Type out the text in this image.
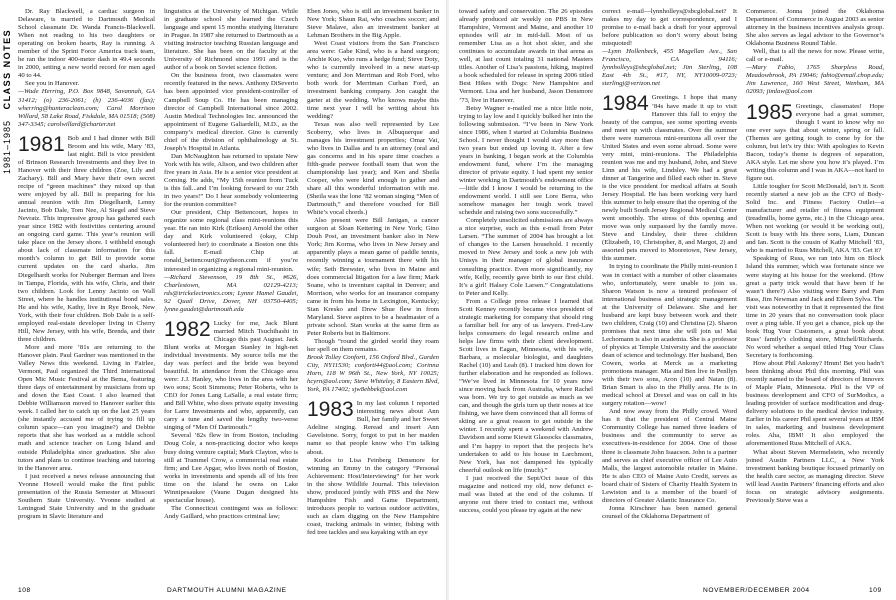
1981–1985   CLASS NOTES

Dr. Ray Blackwell, a cardiac surgeon in Delaware, is married to Dartmouth Medical School classmate Dr. Wanda Francis-Blackwell. When not reading to his two daughters or operating on broken hearts, Ray is running. A member of the Sprint Force America track team, he ran the indoor 400-meter dash in 49.4 seconds in 2000, setting a new world record for men aged 40 to 44.

See you in Hanover.

—Wade Herring, P.O. Box 9848, Savannah, GA 31412; (o) 236-2061; (h) 236-4036 (fax); wherring@hunteraclean.com; Carol Morrison Willard, 58 Lake Road, Fiskdale, MA 01518; (508) 347-3345; carolwillard@charter.net

1981 Bob and I had dinner with Bill Broom and his wife, Mary ’83, last night. Bill is vice president of Brinson Research Investments and they live in Hanover with their three children (Zoe, Lily and Zachary). Bill and Mary have their own secret recipe of “green machines” they mixed up that were enjoyed by all. Bill is preparing for his annual reunion with Jim Diegelhardt, Lenny Jacinto, Bob Dale, Tom Nee, Al Siegel and Steve Nevratz. This impressive group has gathered each year since 1982 with festivities centering around an ongoing card game. This year’s reunion will take place on the Jersey shore. I withheld enough about lack of classmate information for this month’s column to get Bill to provide some current updates on the card sharks. Jim Diegelhardt works for Nuberger Berman and lives in Tampa, Florida, with his wife, Chris, and their two children. Look for Lenny Jacinto on Wall Street, where he handles institutional bond sales. He and his wife, Kathy, live in Rye Brook, New York, with their four children. Bob Dale is a self-employed real-estate developer living in Cherry Hill, New Jersey, with his wife, Brenda, and their three children.

More and more ’81s are returning to the Hanover plain. Paul Gardner was mentioned in the Valley News this weekend. Living in Fairlee, Vermont, Paul organized the Third International Open Mic Music Festival at the Bema, featuring three days of entertainment by musicians from up and down the East Coast. I also learned that Debbie Williamson moved to Hanover earlier this week. I called her to catch up on the last 25 years (she instantly accused me of trying to fill up column space—can you imagine?) and Debbie reports that she has worked as a middle school math and science teacher on Long Island and outside Philadelphia since graduation. She also tutors and plans to continue teaching and tutoring in the Hanover area.

I just received a news release announcing that Yvonne Howell would make the first public presentation of the Russia Semester at Missouri Southern State University. Yvonne studied at Leningrad State University and in the graduate program in Slavic literature and

linguistics at the University of Michigan. While in graduate school she learned the Czech language and spent 15 months studying literature in Prague. In 1987 she returned to Dartmouth as a visiting instructor teaching Russian language and literature. She has been on the faculty at the University of Richmond since 1991 and is the author of a book on Soviet science fiction.

On the business front, two classmates were recently featured in the news. Anthony DiSeverio has been appointed vice president-controller of Campbell Soup Co. He has been managing director of Campbell International since 2002. Austin Medical Technologies Inc. announced the appointment of Eugene Galiardelli, M.D., as the company’s medical director. Gino is currently chief of the division of ophthalmology at St. Joseph’s Hospital in Atlanta.

Dan McNaughton has returned to upstate New York with his wife, Alison, and two children after five years in Asia. He is a senior vice president at Corning. He adds, “My 15th reunion from Tuck is this fall...and I’m looking forward to our 25th in two years!” Do I hear somebody volunteering for the reunion committee?

Our president, Chip Bettencourt, hopes to organize some regional class mini-reunions this year. He ran into Kirk (Eriksen) Arnold the other day and Kirk volunteered (okay, Chip volunteered her) to coordinate a Boston one this fall. E-mail Chip at ronald_bettencourt@raytheon.com if you’re interested in organizing a regional mini-reunion.

—Richard Stevenson, 19 8th St., #626, Charlestown, MA 02129-4213; rds@trickelectronics.com; Lynne Hamel Gaudet, 92 Quail Drive, Dover, NH 03750-4405; lynne.gaudet@dartmouth.edu

1982 Lucky for me, Jack Blunt married Mitch Tsuchihashi in Chicago this past August. Jack Blunt works at Morgan Stanley in high-net individual investments. My source tells me the day was perfect and the bride was beyond beautiful. In attendance from the Chicago area were: J.J. Hanley, who lives in the area with her two sons; Scott Simmons; Peter Roberts, who is CEO for Jones Lang LaSalle, a real estate firm; and Bill White, who does private equity investing for Larre Investments and who, apparently, can carry a tune and saved the lengthy two-verse singing of “Men Of Dartmouth.”

Several ’82s flew in from Boston, including Doug Cole, a non-practicing doctor who keeps busy doing venture capital; Mark Clayton, who is still at Trammel Crow, a commercial real estate firm; and Lee Apgar, who lives north of Boston, works in investments and spends all of his free time on the island he owns on Lake Winnipesaukee (Vaune Dugan designed his spectacular house).

The Connecticut contingent was as follows: Andy Gaillard, who practices criminal law;

Eben Jones, who is still an investment banker in New York; Shaun Rai, who coaches soccer; and Steve Malave, also an investment banker at Lehman Brothers in the Big Apple.

West Coast visitors from the San Francisco area were: Gabe Kind, who is a hand surgeon; Anchie Kuo, who runs a hedge fund; Steve Doty, who is currently involved in a new start-up venture; and Jon Merriman and Rob Ford, who both work for Merriman Curhan Ford, an investment banking company. Jon caught the garter at the wedding. Who knows maybe this time next year I will be writing about his wedding?

Texas was also well represented by Lee Scoberry, who lives in Albuquerque and manages his investment properties; Omar Vai, who lives in Dallas and is an attorney (oral and gas concerns and in his spare time coaches a fifth-grade peewee football team that won the championship last year); and Ken and Sheila Cooper, who were kind enough to gather and share all this wonderful information with me. (Sheila was the lone ’82 woman singing “Men of Dartmouth,” and therefore vouched for Bill White’s vocal chords.)

Also present were Bill Janigan, a cancer surgeon at Sloan Kettering in New York; Gino Douh Post, an investment banker also in New York; Jim Korma, who lives in New Jersey and apparently plays a mean game of paddle tennis, recently winning a tournament there with his wife; Seth Brewster, who lives in Maine and does commercial litigation for a law firm; Mark Soane, who is inventure capital in Denver; and Morrison, who works for an insurance company came in from his home in Lexington, Kentucky; Stan Kresko and Drew Shue flew in from Maryland. Steve aspires to be a headmaster of a private school. Stan works at the same firm as Peter Roberts but in Baltimore.

Though “round the girded world they roam her spell on them remains.

Brook Tolley Conforti, 156 Oxford Blvd., Garden City, NY11530; conforti44@aol.com; Corinna Horn, 118 W 96th St., New York, NY 10025; hcyrn@aol.com; Steve Whiteley, 8 Eastern Blvd, York, PA 17402; sjw8ebbek@aol.com

1983 In my last column I reported interesting news about Ann Bull, her family and her Sweet Adeline singing. Reread and insert Ann Gavelstone. Sorry, forgot to put in her maiden name so that people know who I’m talking about.

Kudos to Lisa Feinberg Densmore for winning an Emmy in the category “Personal Achievement: Host/Interviewing” for her work in the show Wildlife Journal. This television show, produced jointly with PBS and the New Hampshire Fish and Game Department, introduces people to various outdoor activities, such as clam digging on the New Hampshire coast, tracking animals in winter, fishing with fed tree tackles and sea kayaking with an eye

108	DARTMOUTH ALUMNI MAGAZINE

toward safety and conservation. The 26 episodes already produced air weekly on PBS in New Hampshire, Vermont and Maine, and another 10 episodes will air in mid-fall. Most of us remember Lisa as a hot shot skier, and she continues to accumulate awards in that arena as well, at last count totaling 31 national Masters titles. Another of Lisa’s passions, hiking, inspired a book scheduled for release in spring 2006 titled Best Hikes with Dogs: New Hampshire and Vermont. Lisa and her husband, Jason Densmore ’73, live in Hanover.

Betsy Wagner e-mailed me a nice little note, trying to lay low and I quickly bulked her into the following submission. “I’ve been in New York since 1986, when I started at Columbia Business School. I never thought I would stay more than two years but ended up loving it. After a few years in banking, I began work at the Columbia endowment fund, where I’m the managing director of private equity. I had spent my senior winter working in Dartmouth’s endowment office—little did I know I would be returning to the endowment world. I still see Lore Berra, who somehow manages her tough work travel schedule and raising two sons successfully.”

Completely unsolicited submissions are always a nice surprise, such as this e-mail from Peter Larsen. “The summer of 2004 has brought a lot of changes to the Larsen household. I recently moved to New Jersey and took a new job with Unisys in their manager of global insurance consulting practice. Even more significantly, my wife, Kelly, recently gave birth to our first child. It’s a girl! Halsey Cole Larsen.” Congratulations to Peter and Kelly.

From a College press release I learned that Scott Kenney recently became vice president of strategic marketing for company that should ring a familiar bell for any of us lawyers. Fred-Law helps consumers do legal research online and helps law firms with their client development. Scott lives in Eagan, Minnesota, with his wife, Barbara, a molecular biologist, and daughters Rachel (10) and Leah (8). I tracked him down for further elaboration and he responded as follows. “We’ve lived in Minnesota for 10 years now since moving back from Australia, where Rachel was born. We try to get outside as much as we can, and though the girls turn up their noses at ice fishing, we have them convinced that all forms of skiing are a great reason to get outside in the winter. I recently spent a weekend with Andrew Davidson and some Kiewit Glassocks classmates, and I’m happy to report that the projects he’s undertaken to add to his house in Larchmont, New York, has not dampened his typically cheerful outlook on life (much).”

I just received the Sept/Oct issue of this magazine and noticed my old, now defunct e-mail was listed at the end of the column. If anyone out there tried to contact me, without success, could you please try again at the new

correct e-mail—lynnholleys@sbcglobal.net? It makes my day to get correspondence, and I promise to e-mail back a draft for your approval before publication so don’t worry about being misquoted!

—Lynn Hollenbeck, 455 Magellan Ave., San Francisco, CA 94116; lynnholleys@sbcglobal.net; Jim Sterling, 108 East 4th St., #17, NY, NY10009-0723; sterlingj@verizon.net

1984 Greetings. I hope that many ’84s have made it up to visit Hanover this fall to enjoy the beauty of the campus, see some sporting events and meet up with classmates. Over the summer there were numerous mini-reunions all over the United States and even some abroad. Some were very mini, mini-reunions. The Philadelphia reunion was me and my husband, John, and Steve Linn and his wife, Lindsley. We had a great dinner at Tangerine and filled each other in. Steve is the vice president for medical affairs at South Jersey Hospital. He has been working very hard this summer to help ensure that the opening of the newly built South Jersey Regional Medical Center went smoothly. The stress of this opening and move was only surpassed by the family move. Steve and Lindsley, their three children (Elizabeth, 10, Christopher, 8, and Margot, 2) and assorted pets moved to Mooretown, New Jersey, this summer.

In trying to coordinate the Philly mini-reunion I was in contact with a number of other classmates who, unfortunately, were unable to join us. Sharon Watson is now a tenured professor of international business and strategic management at the University of Delaware. She and her husband are kept busy between work and their two children, Craig (10) and Christina (2). Sharon promises that next time she will join us! Mai Lechomann is also in academia. She is a professor of physics at Temple University and the associate dean of science and technology. Her husband, Ben Cowen, works at Merck as a marketing promotions manager. Mia and Ben live in Penllyn with their two sons, Aron (10) and Natan (8). Brian Smart is also in the Philly area. He is in medical school at Drexel and was on call in his surgery rotation—wow!

And now away from the Philly crowd. Word has it that the president of Central Maine Community College has named three leaders of business and the community to serve as executives-in-residence for 2004. One of those three is classmate John Isaacson. John is a partner and serves as chief executive officer of Lee Auto Malls, the largest automobile retailer in Maine. He is also CEO of Maine Auto Credit, serves as board chair of Sisters of Charity Health System in Lewiston and is a member of the board of directors of Greater Atlantic Insurance Co.

Jonna Kirschner has been named general counsel of the Oklahoma Department of

Commerce. Jonna joined the Oklahoma Department of Commerce in August 2003 as senior attorney in the business incentives analysis group. She also serves as legal advisor to the Governor’s Oklahoma Business Round Table.

Well, that is all the news for now. Please write, call or e-mail.

—Mary Fabio, 1765 Sharpless Road, Meadowbrook, PA 19046; fabio@email.chop.edu; Jim Lawrence, 160 West Street, Wenham, MA 02093; jimlaw@aol.com

1985 Greetings, classmates! Hope everyone had a great summer, though I want to know why no one ever says that about winter, spring or fall. (Themes are getting tough to come by for the column, but let’s try this: With apologies to Kevin Bacon, today’s theme is degrees of separation, AKA style. Let me show you how it’s played. I’m writing this column and I was in AKA—not hard to figure out.

Little tougher for Scott McDonald, isn’t it. Scott recently started a new job as the CFO of Body-Solid Inc. and Fitness Factory Outlet—a manufacturer and retailer of fitness equipment (treadmills, home gyms, etc.) in the Chicago area. When not working (or would it be working out), Scott is busy with his three sons, Liam, Duncan and Ian. Scott is the cousin of Kathy Mitchell ’83, who is married to Russ Mitchell, AKA ’83. Get it?

Speaking of Russ, we ran into him on Block Island this summer, which was fortunate since we were staying at his house for the weekend. (How great a party trick would that have been if he wasn’t there?) Also visiting were Barry and Pam Bass, Jim Newman and Jack and Eileen Sylva. The visit was noteworthy in that it represented the first time in 20 years that no conversation took place over a ping table. If you get a chance, pick up the book Hug Your Customers, a great book about Russ’ family’s clothing store, Mitchell/Richards. No word whether a sequel titled Hug Your Class Secretary is forthcoming.

How about Phil Ankony? Hmm! Bet you hadn’t been thinking about Phil this morning. Phil was recently named to the board of directors of Innovex of Maple Plain, Minnesota. Phil is the VP of business development and CFO of SurModics, a leading provider of surface modification and drug-delivery solutions to the medical device industry. Earlier in his career Phil spent several years at IBM in sales, marketing and business development roles. Aha, IBM! It also employed the aforementioned Russ Mitchell of AKA.

What about Steven Mermelstein, who recently joined Austin Partners LLC, a New York investment banking boutique focused primarily on the health care sector, as managing director. Steve will lead Austin Partners’ financing efforts and also focus on strategic advisory assignments. Previously Steve was a

NOVEMBER/DECEMBER 2004	109
